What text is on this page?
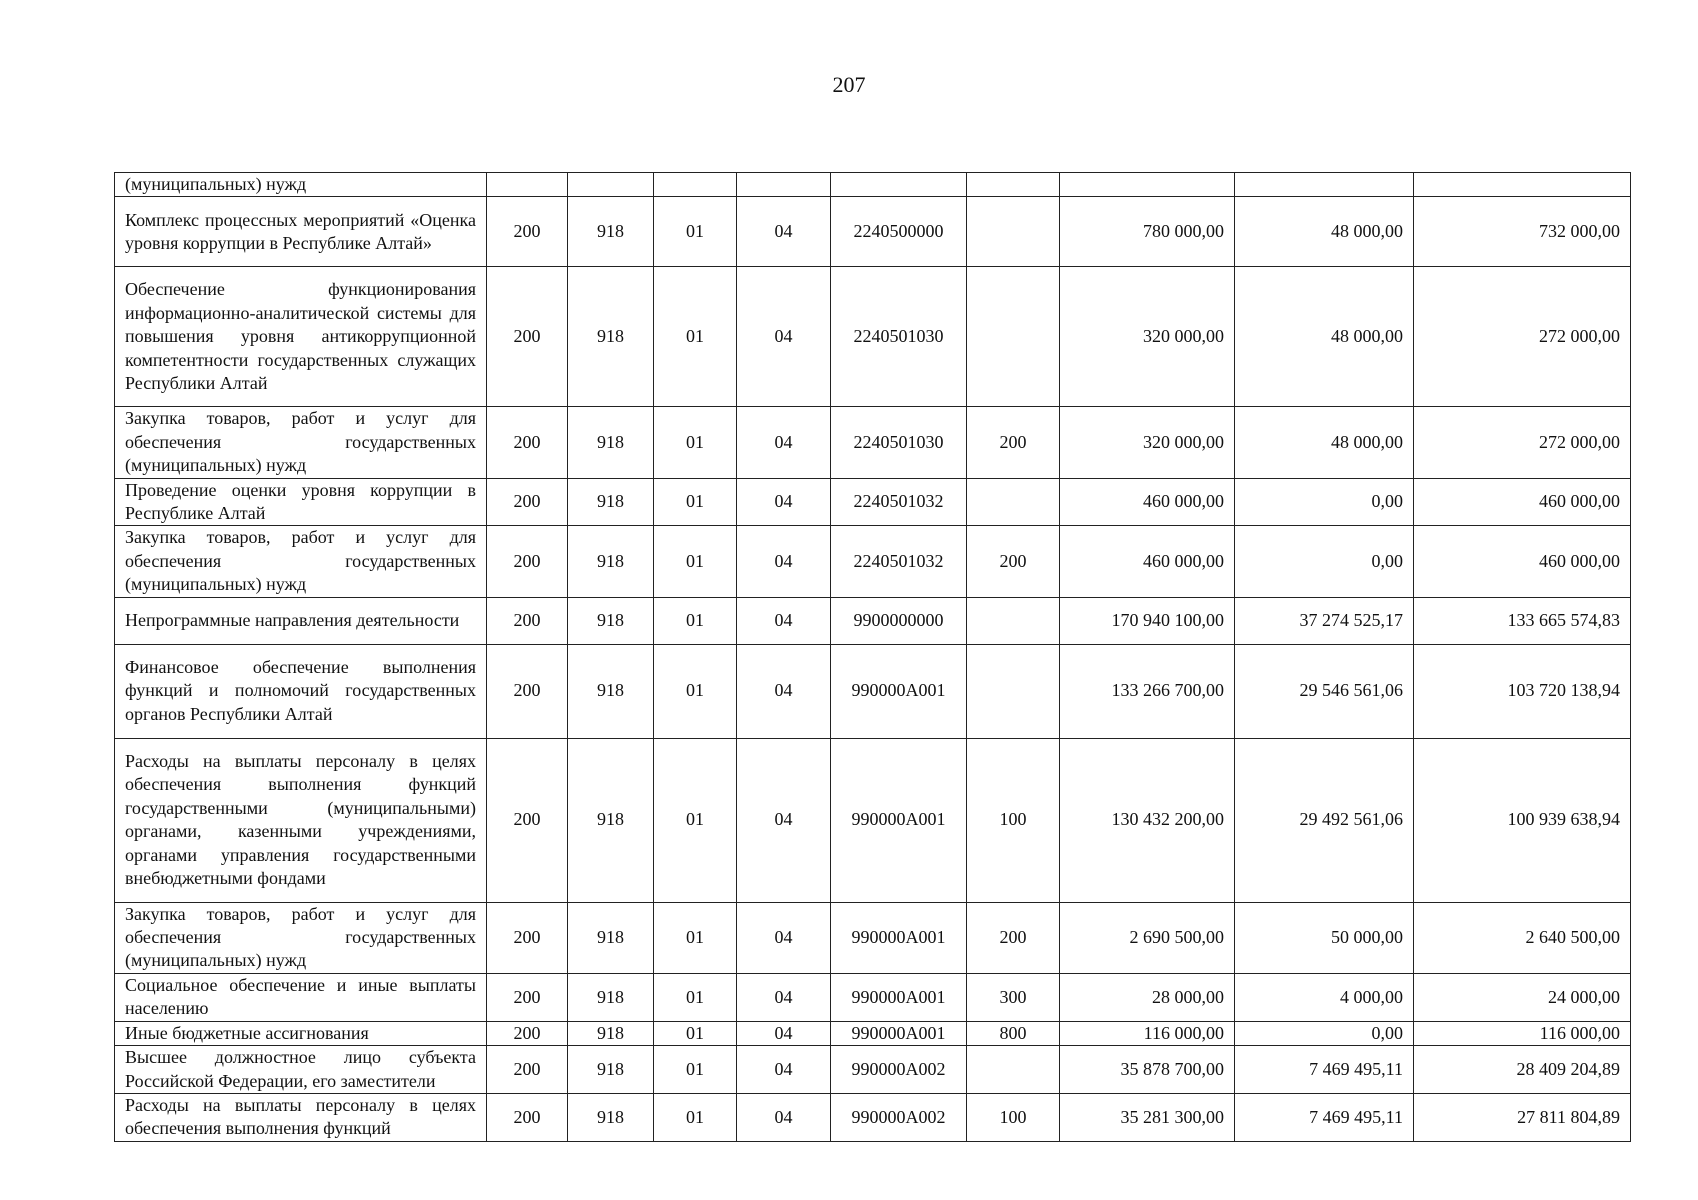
207
(муниципальных) нужд									
Комплекс процессных мероприятий «Оценка уровня коррупции в Республике Алтай»	200	918	01	04	2240500000		780 000,00	48 000,00	732 000,00
Обеспечение функционирования информационно-аналитической системы для повышения уровня антикоррупционной компетентности государственных служащих Республики Алтай	200	918	01	04	2240501030		320 000,00	48 000,00	272 000,00
Закупка товаров, работ и услуг для обеспечения государственных (муниципальных) нужд	200	918	01	04	2240501030	200	320 000,00	48 000,00	272 000,00
Проведение оценки уровня коррупции в Республике Алтай	200	918	01	04	2240501032		460 000,00	0,00	460 000,00
Закупка товаров, работ и услуг для обеспечения государственных (муниципальных) нужд	200	918	01	04	2240501032	200	460 000,00	0,00	460 000,00
Непрограммные направления деятельности	200	918	01	04	9900000000		170 940 100,00	37 274 525,17	133 665 574,83
Финансовое обеспечение выполнения функций и полномочий государственных органов Республики Алтай	200	918	01	04	990000А001		133 266 700,00	29 546 561,06	103 720 138,94
Расходы на выплаты персоналу в целях обеспечения выполнения функций государственными (муниципальными) органами, казенными учреждениями, органами управления государственными внебюджетными фондами	200	918	01	04	990000А001	100	130 432 200,00	29 492 561,06	100 939 638,94
Закупка товаров, работ и услуг для обеспечения государственных (муниципальных) нужд	200	918	01	04	990000А001	200	2 690 500,00	50 000,00	2 640 500,00
Социальное обеспечение и иные выплаты населению	200	918	01	04	990000А001	300	28 000,00	4 000,00	24 000,00
Иные бюджетные ассигнования	200	918	01	04	990000А001	800	116 000,00	0,00	116 000,00
Высшее должностное лицо субъекта Российской Федерации, его заместители	200	918	01	04	990000А002		35 878 700,00	7 469 495,11	28 409 204,89
Расходы на выплаты персоналу в целях обеспечения выполнения функций	200	918	01	04	990000А002	100	35 281 300,00	7 469 495,11	27 811 804,89
